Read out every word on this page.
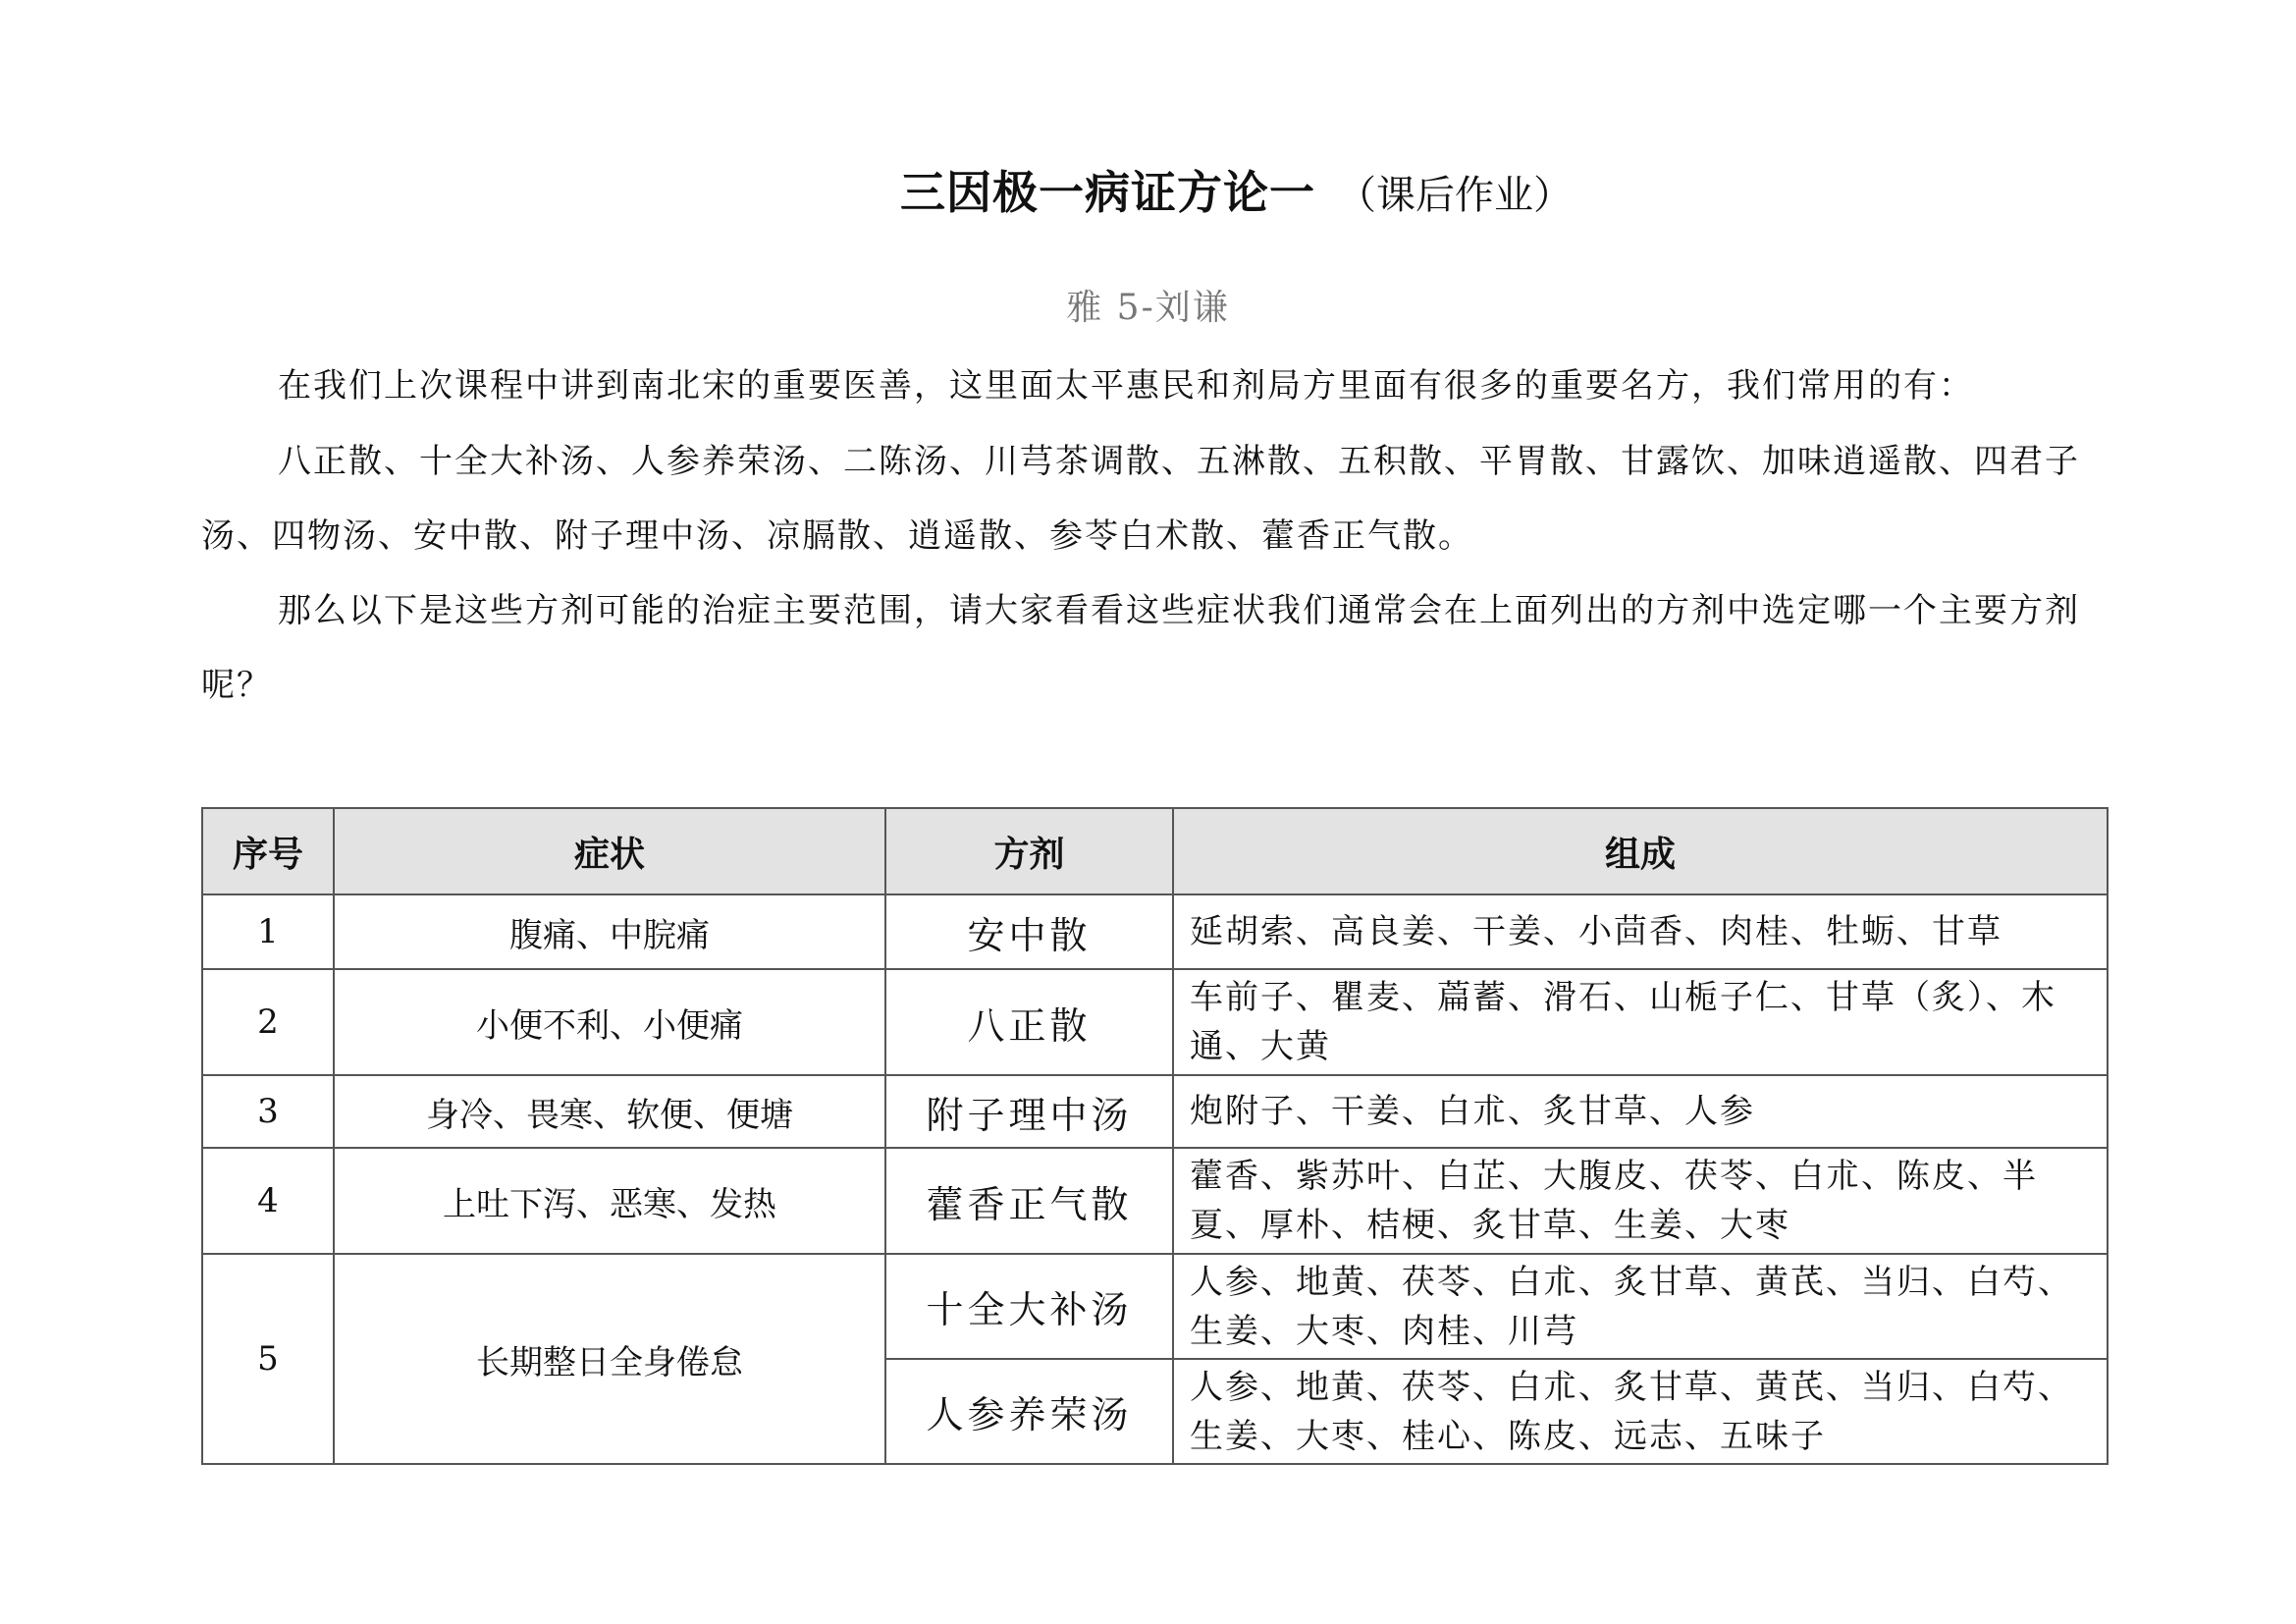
三因极一病证方论一 （课后作业）
雅 5-刘谦

在我们上次课程中讲到南北宋的重要医善，这里面太平惠民和剂局方里面有很多的重要名方，我们常用的有：

八正散、十全大补汤、人参养荣汤、二陈汤、川芎茶调散、五淋散、五积散、平胃散、甘露饮、加味逍遥散、四君子汤、四物汤、安中散、附子理中汤、凉膈散、逍遥散、参苓白术散、藿香正气散。

那么以下是这些方剂可能的治症主要范围，请大家看看这些症状我们通常会在上面列出的方剂中选定哪一个主要方剂呢？

序号	症状	方剂	组成
1	腹痛、中脘痛	安中散	延胡索、高良姜、干姜、小茴香、肉桂、牡蛎、甘草
2	小便不利、小便痛	八正散	车前子、瞿麦、萹蓄、滑石、山栀子仁、甘草（炙）、木通、大黄
3	身冷、畏寒、软便、便塘	附子理中汤	炮附子、干姜、白朮、炙甘草、人参
4	上吐下泻、恶寒、发热	藿香正气散	藿香、紫苏叶、白芷、大腹皮、茯苓、白朮、陈皮、半夏、厚朴、桔梗、炙甘草、生姜、大枣
5	长期整日全身倦怠	十全大补汤	人参、地黄、茯苓、白朮、炙甘草、黄芪、当归、白芍、生姜、大枣、肉桂、川芎
		人参养荣汤	人参、地黄、茯苓、白朮、炙甘草、黄芪、当归、白芍、生姜、大枣、桂心、陈皮、远志、五味子
